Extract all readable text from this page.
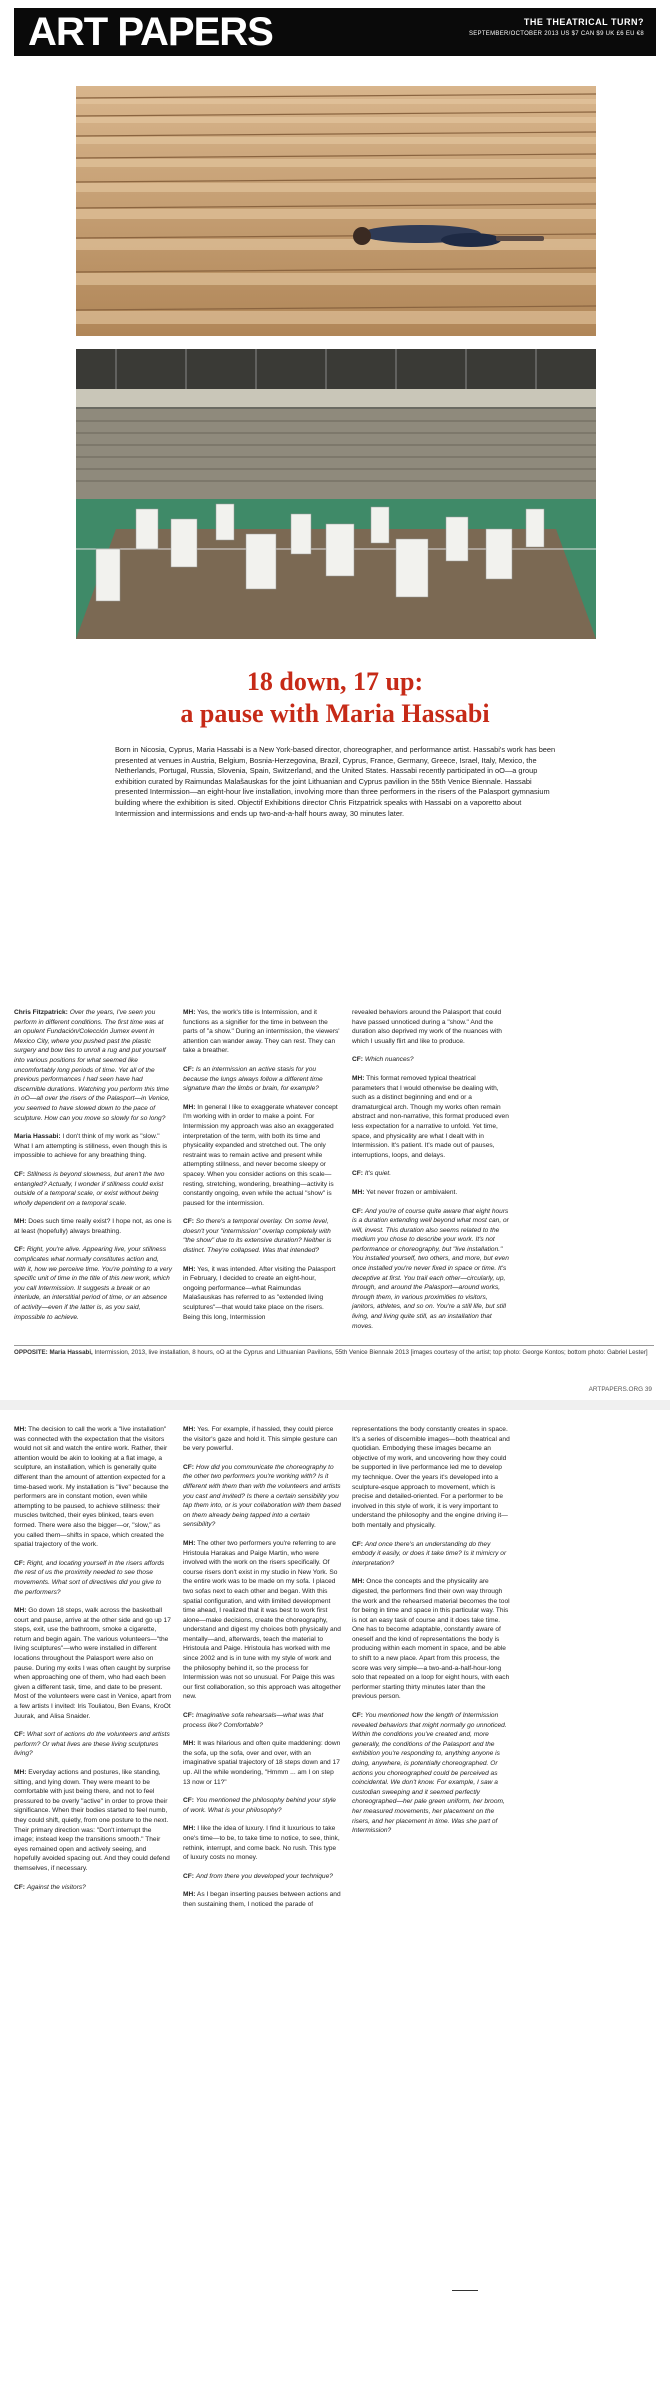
ART PAPERS	THE THEATRICAL TURN?
SEPTEMBER/OCTOBER 2013 US $7 CAN $9 UK £6 EU €8
18 down, 17 up:
a pause with Maria Hassabi

Born in Nicosia, Cyprus, Maria Hassabi is a New York-based director, choreographer, and performance artist. Hassabi's work has been presented at venues in Austria, Belgium, Bosnia-Herzegovina, Brazil, Cyprus, France, Germany, Greece, Israel, Italy, Mexico, the Netherlands, Portugal, Russia, Slovenia, Spain, Switzerland, and the United States. Hassabi recently participated in oO—a group exhibition curated by Raimundas Malašauskas for the joint Lithuanian and Cyprus pavilion in the 55th Venice Biennale. Hassabi presented Intermission—an eight-hour live installation, involving more than three performers in the risers of the Palasport gymnasium building where the exhibition is sited. Objectif Exhibitions director Chris Fitzpatrick speaks with Hassabi on a vaporetto about Intermission and intermissions and ends up two-and-a-half hours away, 30 minutes later.

Chris Fitzpatrick: Over the years, I've seen you perform in different conditions. The first time was at an opulent Fundación/Colección Jumex event in Mexico City, where you pushed past the plastic surgery and bow ties to unroll a rug and put yourself into various positions for what seemed like uncomfortably long periods of time. Yet all of the previous performances I had seen have had discernible durations. Watching you perform this time in oO—all over the risers of the Palasport—in Venice, you seemed to have slowed down to the pace of sculpture. How can you move so slowly for so long?

Maria Hassabi: I don't think of my work as "slow." What I am attempting is stillness, even though this is impossible to achieve for any breathing thing.

CF: Stillness is beyond slowness, but aren't the two entangled? Actually, I wonder if stillness could exist outside of a temporal scale, or exist without being wholly dependent on a temporal scale.

MH: Does such time really exist? I hope not, as one is at least (hopefully) always breathing.

CF: Right, you're alive. Appearing live, your stillness complicates what normally constitutes action and, with it, how we perceive time. You're pointing to a very specific unit of time in the title of this new work, which you call Intermission. It suggests a break or an interlude, an interstitial period of time, or an absence of activity—even if the latter is, as you said, impossible to achieve.

MH: Yes, the work's title is Intermission, and it functions as a signifier for the time in between the parts of "a show." During an intermission, the viewers' attention can wander away. They can rest. They can take a breather.

CF: Is an intermission an active stasis for you because the lungs always follow a different time signature than the limbs or brain, for example?

MH: In general I like to exaggerate whatever concept I'm working with in order to make a point. For Intermission my approach was also an exaggerated interpretation of the term, with both its time and physicality expanded and stretched out. The only restraint was to remain active and present while attempting stillness, and never become sleepy or spacey. When you consider actions on this scale—resting, stretching, wondering, breathing—activity is constantly ongoing, even while the actual "show" is paused for the intermission.

CF: So there's a temporal overlay. On some level, doesn't your "intermission" overlap completely with "the show" due to its extensive duration? Neither is distinct. They're collapsed. Was that intended?

MH: Yes, it was intended. After visiting the Palasport in February, I decided to create an eight-hour, ongoing performance—what Raimundas Malašauskas has referred to as "extended living sculptures"—that would take place on the risers. Being this long, Intermission

revealed behaviors around the Palasport that could have passed unnoticed during a "show." And the duration also deprived my work of the nuances with which I usually flirt and like to produce.

CF: Which nuances?

MH: This format removed typical theatrical parameters that I would otherwise be dealing with, such as a distinct beginning and end or a dramaturgical arch. Though my works often remain abstract and non-narrative, this format produced even less expectation for a narrative to unfold. Yet time, space, and physicality are what I dealt with in Intermission. It's patient. It's made out of pauses, interruptions, loops, and delays.

CF: It's quiet.

MH: Yet never frozen or ambivalent.

CF: And you're of course quite aware that eight hours is a duration extending well beyond what most can, or will, invest. This duration also seems related to the medium you chose to describe your work. It's not performance or choreography, but "live installation." You installed yourself, two others, and more, but even once installed you're never fixed in space or time. It's deceptive at first. You trail each other—circularly, up, through, and around the Palasport—around works, through them, in various proximities to visitors, janitors, athletes, and so on. You're a still life, but still living, and living quite still, as an installation that moves.

OPPOSITE: Maria Hassabi, Intermission, 2013, live installation, 8 hours, oO at the Cyprus and Lithuanian Pavilions, 55th Venice Biennale 2013 [images courtesy of the artist; top photo: George Kontos; bottom photo: Gabriel Lester]
ARTPAPERS.ORG 39

MH: The decision to call the work a "live installation" was connected with the expectation that the visitors would not sit and watch the entire work. Rather, their attention would be akin to looking at a flat image, a sculpture, an installation, which is generally quite different than the amount of attention expected for a time-based work. My installation is "live" because the performers are in constant motion, even while attempting to be paused, to achieve stillness: their muscles twitched, their eyes blinked, tears even formed. There were also the bigger—or, "slow," as you called them—shifts in space, which created the spatial trajectory of the work.

CF: Right, and locating yourself in the risers affords the rest of us the proximity needed to see those movements. What sort of directives did you give to the performers?

MH: Go down 18 steps, walk across the basketball court and pause, arrive at the other side and go up 17 steps, exit, use the bathroom, smoke a cigarette, return and begin again. The various volunteers—"the living sculptures"—who were installed in different locations throughout the Palasport were also on pause. During my exits I was often caught by surprise when approaching one of them, who had each been given a different task, time, and date to be present. Most of the volunteers were cast in Venice, apart from a few artists I invited: Iris Touliatou, Ben Evans, KroOt Juurak, and Alisa Snaider.

CF: What sort of actions do the volunteers and artists perform? Or what lives are these living sculptures living?

MH: Everyday actions and postures, like standing, sitting, and lying down. They were meant to be comfortable with just being there, and not to feel pressured to be overly "active" in order to prove their significance. When their bodies started to feel numb, they could shift, quietly, from one posture to the next. Their primary direction was: "Don't interrupt the image; instead keep the transitions smooth." Their eyes remained open and actively seeing, and hopefully avoided spacing out. And they could defend themselves, if necessary.

CF: Against the visitors?

MH: Yes. For example, if hassled, they could pierce the visitor's gaze and hold it. This simple gesture can be very powerful.

CF: How did you communicate the choreography to the other two performers you're working with? Is it different with them than with the volunteers and artists you cast and invited? Is there a certain sensibility you tap them into, or is your collaboration with them based on them already being tapped into a certain sensibility?

MH: The other two performers you're referring to are Hristoula Harakas and Paige Martin, who were involved with the work on the risers specifically. Of course risers don't exist in my studio in New York. So the entire work was to be made on my sofa. I placed two sofas next to each other and began. With this spatial configuration, and with limited development time ahead, I realized that it was best to work first alone—make decisions, create the choreography, understand and digest my choices both physically and mentally—and, afterwards, teach the material to Hristoula and Paige. Hristoula has worked with me since 2002 and is in tune with my style of work and the philosophy behind it, so the process for Intermission was not so unusual. For Paige this was our first collaboration, so this approach was altogether new.

CF: Imaginative sofa rehearsals—what was that process like? Comfortable?

MH: It was hilarious and often quite maddening: down the sofa, up the sofa, over and over, with an imaginative spatial trajectory of 18 steps down and 17 up. All the while wondering, "Hmmm ... am I on step 13 now or 11?"

CF: You mentioned the philosophy behind your style of work. What is your philosophy?

MH: I like the idea of luxury. I find it luxurious to take one's time—to be, to take time to notice, to see, think, rethink, interrupt, and come back. No rush. This type of luxury costs no money.

CF: And from there you developed your technique?

MH: As I began inserting pauses between actions and then sustaining them, I noticed the parade of

representations the body constantly creates in space. It's a series of discernible images—both theatrical and quotidian. Embodying these images became an objective of my work, and uncovering how they could be supported in live performance led me to develop my technique. Over the years it's developed into a sculpture-esque approach to movement, which is precise and detailed-oriented. For a performer to be involved in this style of work, it is very important to understand the philosophy and the engine driving it—both mentally and physically.

CF: And once there's an understanding do they embody it easily, or does it take time? Is it mimicry or interpretation?

MH: Once the concepts and the physicality are digested, the performers find their own way through the work and the rehearsed material becomes the tool for being in time and space in this particular way. This is not an easy task of course and it does take time. One has to become adaptable, constantly aware of oneself and the kind of representations the body is producing within each moment in space, and be able to shift to a new place. Apart from this process, the score was very simple—a two-and-a-half-hour-long solo that repeated on a loop for eight hours, with each performer starting thirty minutes later than the previous person.

CF: You mentioned how the length of Intermission revealed behaviors that might normally go unnoticed. Within the conditions you've created and, more generally, the conditions of the Palasport and the exhibition you're responding to, anything anyone is doing, anywhere, is potentially choreographed. Or actions you choreographed could be perceived as coincidental. We don't know. For example, I saw a custodian sweeping and it seemed perfectly choreographed—her pale green uniform, her broom, her measured movements, her placement on the risers, and her placement in time. Was she part of Intermission?
